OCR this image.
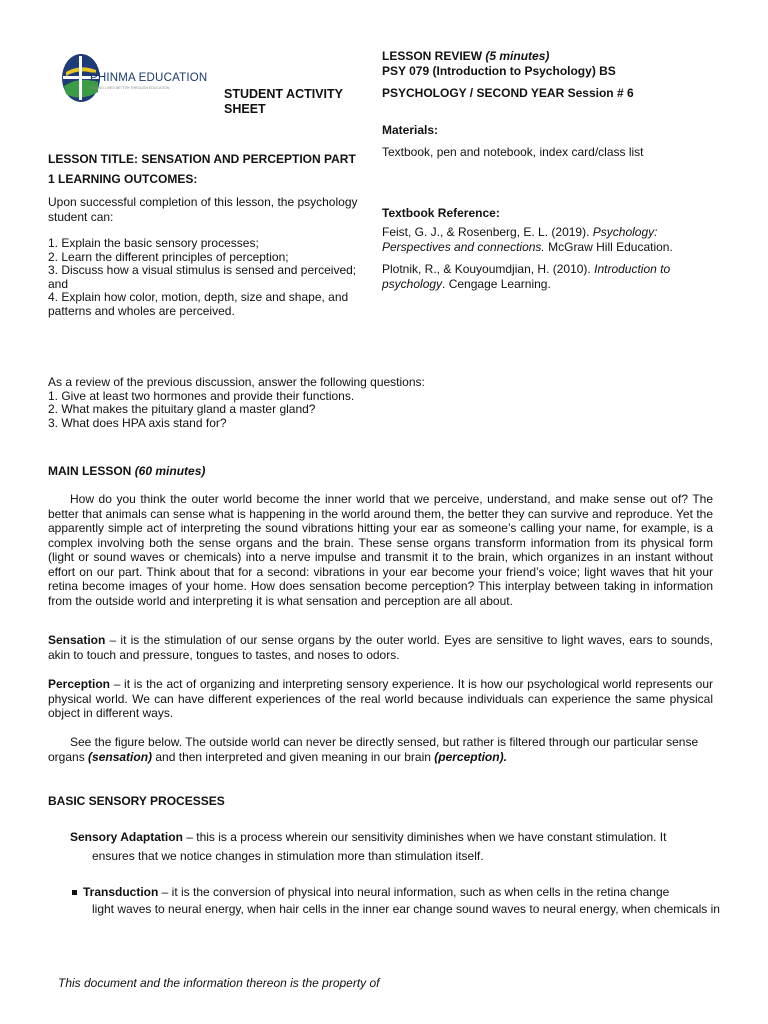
PHINMA EDUCATION
MAKING LIVES BETTER THROUGH EDUCATION	STUDENT ACTIVITY SHEET
LESSON REVIEW (5 minutes)
PSY 079 (Introduction to Psychology) BS
PSYCHOLOGY / SECOND YEAR Session # 6
Materials:
Textbook, pen and notebook, index card/class list
Textbook Reference:
Feist, G. J., & Rosenberg, E. L. (2019). Psychology:
Perspectives and connections. McGraw Hill Education.
Plotnik, R., & Kouyoumdjian, H. (2010). Introduction to
psychology. Cengage Learning.
LESSON TITLE: SENSATION AND PERCEPTION PART
1 LEARNING OUTCOMES:
Upon successful completion of this lesson, the psychology student can:
1. Explain the basic sensory processes;
2. Learn the different principles of perception;
3. Discuss how a visual stimulus is sensed and perceived; and
4. Explain how color, motion, depth, size and shape, and patterns and wholes are perceived.
As a review of the previous discussion, answer the following questions:
1. Give at least two hormones and provide their functions.
2. What makes the pituitary gland a master gland?
3. What does HPA axis stand for?
MAIN LESSON (60 minutes)
How do you think the outer world become the inner world that we perceive, understand, and make sense out of? The better that animals can sense what is happening in the world around them, the better they can survive and reproduce. Yet the apparently simple act of interpreting the sound vibrations hitting your ear as someone’s calling your name, for example, is a complex involving both the sense organs and the brain. These sense organs transform information from its physical form (light or sound waves or chemicals) into a nerve impulse and transmit it to the brain, which organizes in an instant without effort on our part. Think about that for a second: vibrations in your ear become your friend’s voice; light waves that hit your retina become images of your home. How does sensation become perception? This interplay between taking in information from the outside world and interpreting it is what sensation and perception are all about.
Sensation – it is the stimulation of our sense organs by the outer world. Eyes are sensitive to light waves, ears to sounds, akin to touch and pressure, tongues to tastes, and noses to odors.
Perception – it is the act of organizing and interpreting sensory experience. It is how our psychological world represents our physical world. We can have different experiences of the real world because individuals can experience the same physical object in different ways.
See the figure below. The outside world can never be directly sensed, but rather is filtered through our particular sense organs (sensation) and then interpreted and given meaning in our brain (perception).
BASIC SENSORY PROCESSES
Sensory Adaptation – this is a process wherein our sensitivity diminishes when we have constant stimulation. It
ensures that we notice changes in stimulation more than stimulation itself.
Transduction – it is the conversion of physical into neural information, such as when cells in the retina change
light waves to neural energy, when hair cells in the inner ear change sound waves to neural energy, when chemicals in
This document and the information thereon is the property of
